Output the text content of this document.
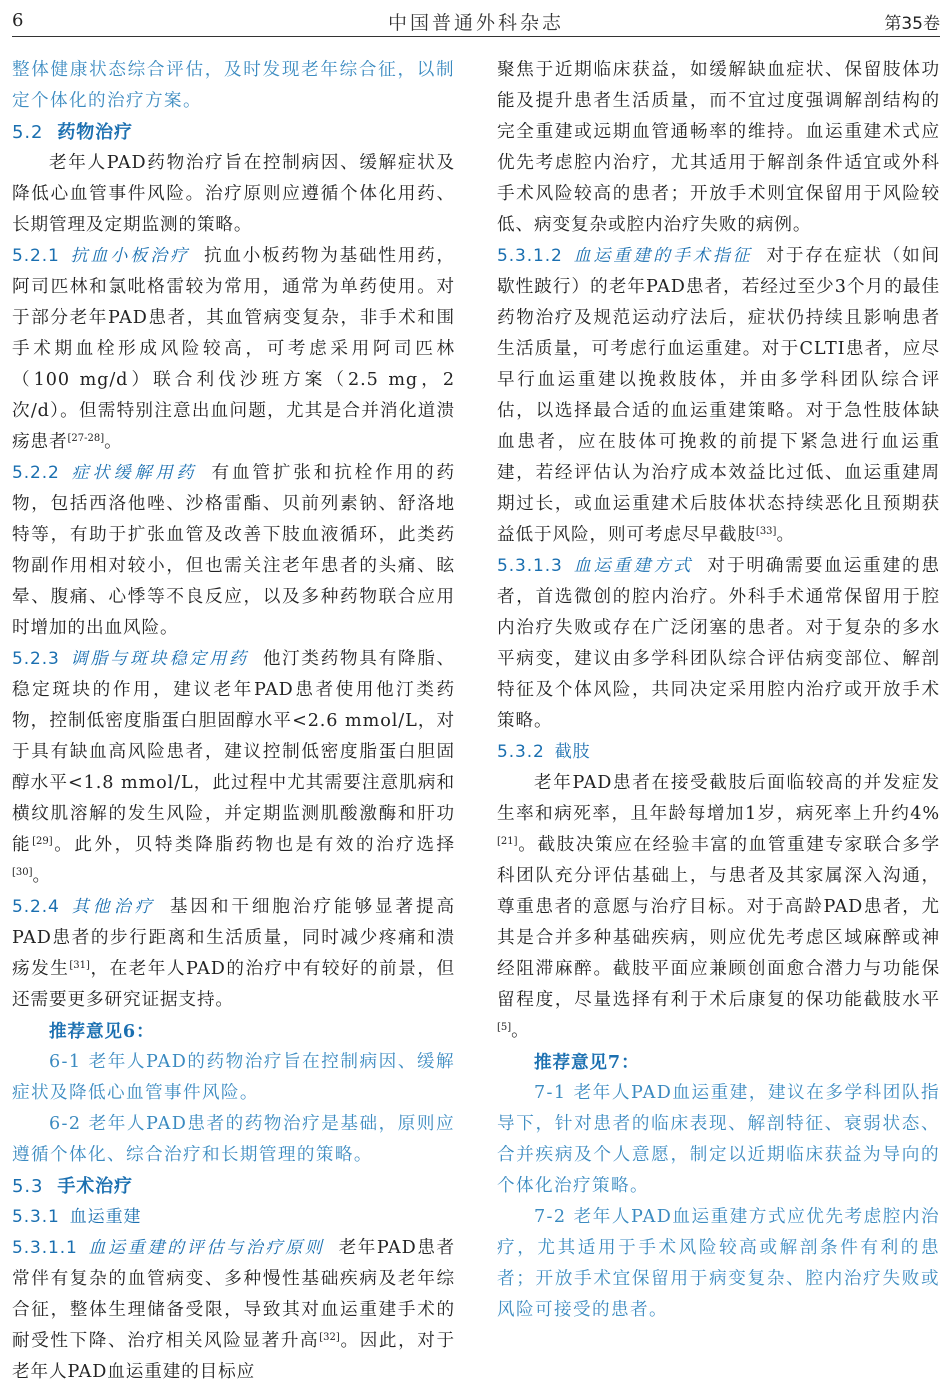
6	中国普通外科杂志	第35卷

整体健康状态综合评估，及时发现老年综合征，以制定个体化的治疗方案。

5.2 药物治疗

老年人PAD药物治疗旨在控制病因、缓解症状及降低心血管事件风险。治疗原则应遵循个体化用药、长期管理及定期监测的策略。

5.2.1 抗血小板治疗 抗血小板药物为基础性用药，阿司匹林和氯吡格雷较为常用，通常为单药使用。对于部分老年PAD患者，其血管病变复杂，非手术和围手术期血栓形成风险较高，可考虑采用阿司匹林（100 mg/d）联合利伐沙班方案（2.5 mg，2次/d）。但需特别注意出血问题，尤其是合并消化道溃疡患者[27-28]。

5.2.2 症状缓解用药 有血管扩张和抗栓作用的药物，包括西洛他唑、沙格雷酯、贝前列素钠、舒洛地特等，有助于扩张血管及改善下肢血液循环，此类药物副作用相对较小，但也需关注老年患者的头痛、眩晕、腹痛、心悸等不良反应，以及多种药物联合应用时增加的出血风险。

5.2.3 调脂与斑块稳定用药 他汀类药物具有降脂、稳定斑块的作用，建议老年PAD患者使用他汀类药物，控制低密度脂蛋白胆固醇水平<2.6 mmol/L，对于具有缺血高风险患者，建议控制低密度脂蛋白胆固醇水平<1.8 mmol/L，此过程中尤其需要注意肌病和横纹肌溶解的发生风险，并定期监测肌酸激酶和肝功能[29]。此外，贝特类降脂药物也是有效的治疗选择[30]。

5.2.4 其他治疗 基因和干细胞治疗能够显著提高PAD患者的步行距离和生活质量，同时减少疼痛和溃疡发生[31]，在老年人PAD的治疗中有较好的前景，但还需要更多研究证据支持。

推荐意见6：

6-1 老年人PAD的药物治疗旨在控制病因、缓解症状及降低心血管事件风险。

6-2 老年人PAD患者的药物治疗是基础，原则应遵循个体化、综合治疗和长期管理的策略。

5.3 手术治疗

5.3.1 血运重建

5.3.1.1 血运重建的评估与治疗原则 老年PAD患者常伴有复杂的血管病变、多种慢性基础疾病及老年综合征，整体生理储备受限，导致其对血运重建手术的耐受性下降、治疗相关风险显著升高[32]。因此，对于老年人PAD血运重建的目标应

聚焦于近期临床获益，如缓解缺血症状、保留肢体功能及提升患者生活质量，而不宜过度强调解剖结构的完全重建或远期血管通畅率的维持。血运重建术式应优先考虑腔内治疗，尤其适用于解剖条件适宜或外科手术风险较高的患者；开放手术则宜保留用于风险较低、病变复杂或腔内治疗失败的病例。

5.3.1.2 血运重建的手术指征 对于存在症状（如间歇性跛行）的老年PAD患者，若经过至少3个月的最佳药物治疗及规范运动疗法后，症状仍持续且影响患者生活质量，可考虑行血运重建。对于CLTI患者，应尽早行血运重建以挽救肢体，并由多学科团队综合评估，以选择最合适的血运重建策略。对于急性肢体缺血患者，应在肢体可挽救的前提下紧急进行血运重建，若经评估认为治疗成本效益比过低、血运重建周期过长，或血运重建术后肢体状态持续恶化且预期获益低于风险，则可考虑尽早截肢[33]。

5.3.1.3 血运重建方式 对于明确需要血运重建的患者，首选微创的腔内治疗。外科手术通常保留用于腔内治疗失败或存在广泛闭塞的患者。对于复杂的多水平病变，建议由多学科团队综合评估病变部位、解剖特征及个体风险，共同决定采用腔内治疗或开放手术策略。

5.3.2 截肢

老年PAD患者在接受截肢后面临较高的并发症发生率和病死率，且年龄每增加1岁，病死率上升约4%[21]。截肢决策应在经验丰富的血管重建专家联合多学科团队充分评估基础上，与患者及其家属深入沟通，尊重患者的意愿与治疗目标。对于高龄PAD患者，尤其是合并多种基础疾病，则应优先考虑区域麻醉或神经阻滞麻醉。截肢平面应兼顾创面愈合潜力与功能保留程度，尽量选择有利于术后康复的保功能截肢水平[5]。

推荐意见7：

7-1 老年人PAD血运重建，建议在多学科团队指导下，针对患者的临床表现、解剖特征、衰弱状态、合并疾病及个人意愿，制定以近期临床获益为导向的个体化治疗策略。

7-2 老年人PAD血运重建方式应优先考虑腔内治疗，尤其适用于手术风险较高或解剖条件有利的患者；开放手术宜保留用于病变复杂、腔内治疗失败或风险可接受的患者。
